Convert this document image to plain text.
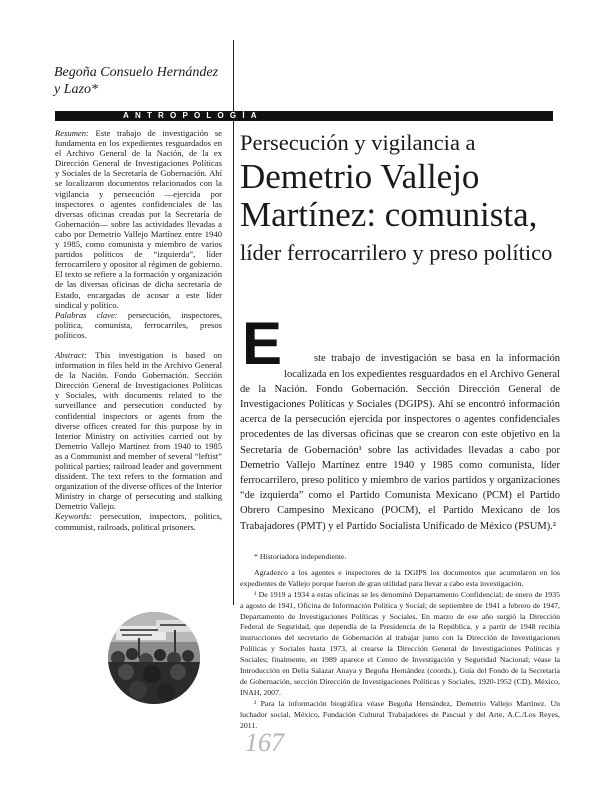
Begoña Consuelo Hernández
y Lazo*
ANTROPOLOGÍA

Resumen: Este trabajo de investigación se fundamenta en los expedientes resguardados en el Archivo General de la Nación, de la ex Dirección General de Investigaciones Políticas y Sociales de la Secretaría de Gobernación. Ahí se localizaron documentos relacionados con la vigilancia y persecución —ejercida por inspectores o agentes confidenciales de las diversas oficinas creadas por la Secretaría de Gobernación— sobre las actividades llevadas a cabo por Demetrio Vallejo Martínez entre 1940 y 1985, como comunista y miembro de varios partidos políticos de “izquierda”, líder ferrocarrilero y opositor al régimen de gobierno. El texto se refiere a la formación y organización de las diversas oficinas de dicha secretaría de Estado, encargadas de acosar a este líder sindical y político.

Palabras clave: persecución, inspectores, política, comunista, ferrocarriles, presos políticos.

Abstract: This investigation is based on information in files held in the Archivo General de la Nación. Fondo Gobernación. Sección Dirección General de Investigaciones Políticas y Sociales, with documents related to the surveillance and persecution conducted by confidential inspectors or agents from the diverse offices created for this purpose by in Interior Ministry on activities carried out by Demetrio Vallejo Martínez from 1940 to 1985 as a Communist and member of several “leftist” political parties; railroad leader and government dissident. The text refers to the formation and organization of the diverse offices of the Interior Ministry in charge of persecuting and stalking Demetrio Vallejo.

Keywords: persecution, inspectors, politics, communist, railroads, political prisoners.

Persecución y vigilancia a
Demetrio Vallejo
Martínez: comunista,
líder ferrocarrilero y preso político

E	ste trabajo de investigación se basa en la información localizada en los expedientes resguardados en el Archivo General de la Nación. Fondo Gobernación. Sección Dirección General de Investigaciones Políticas y Sociales (DGIPS). Ahí se encontró información acerca de la persecución ejercida por inspectores o agentes confidenciales procedentes de las diversas oficinas que se crearon con este objetivo en la Secretaría de Gobernación¹ sobre las actividades llevadas a cabo por Demetrio Vallejo Martínez entre 1940 y 1985 como comunista, líder ferrocarrilero, preso político y miembro de varios partidos y organizaciones “de izquierda” como el Partido Comunista Mexicano (PCM) el Partido Obrero Campesino Mexicano (POCM), el Partido Mexicano de los Trabajadores (PMT) y el Partido Socialista Unificado de México (PSUM).²

* Historiadora independiente.

Agradezco a los agentes e inspectores de la DGIPS los documentos que acumularon en los expedientes de Vallejo porque fueron de gran utilidad para llevar a cabo esta investigación.

¹ De 1919 a 1934 a estas oficinas se les denominó Departamento Confidencial; de enero de 1935 a agosto de 1941, Oficina de Información Política y Social; de septiembre de 1941 a febrero de 1947, Departamento de Investigaciones Políticas y Sociales. En marzo de ese año surgió la Dirección Federal de Seguridad, que dependía de la Presidencia de la República, y a partir de 1948 recibía instrucciones del secretario de Gobernación al trabajar junto con la Dirección de Investigaciones Políticas y Sociales hasta 1973, al crearse la Dirección General de Investigaciones Políticas y Sociales; finalmente, en 1989 aparece el Centro de Investigación y Seguridad Nacional; véase la Introducción en Delia Salazar Anaya y Begoña Hernández (coords.), Guía del Fondo de la Secretaría de Gobernación, sección Dirección de Investigaciones Políticas y Sociales, 1920-1952 (CD), México, INAH, 2007.

² Para la información biográfica véase Begoña Hernández, Demetrio Vallejo Martínez. Un luchador social, México, Fundación Cultural Trabajadores de Pascual y del Arte, A.C./Los Reyes, 2011.

167
